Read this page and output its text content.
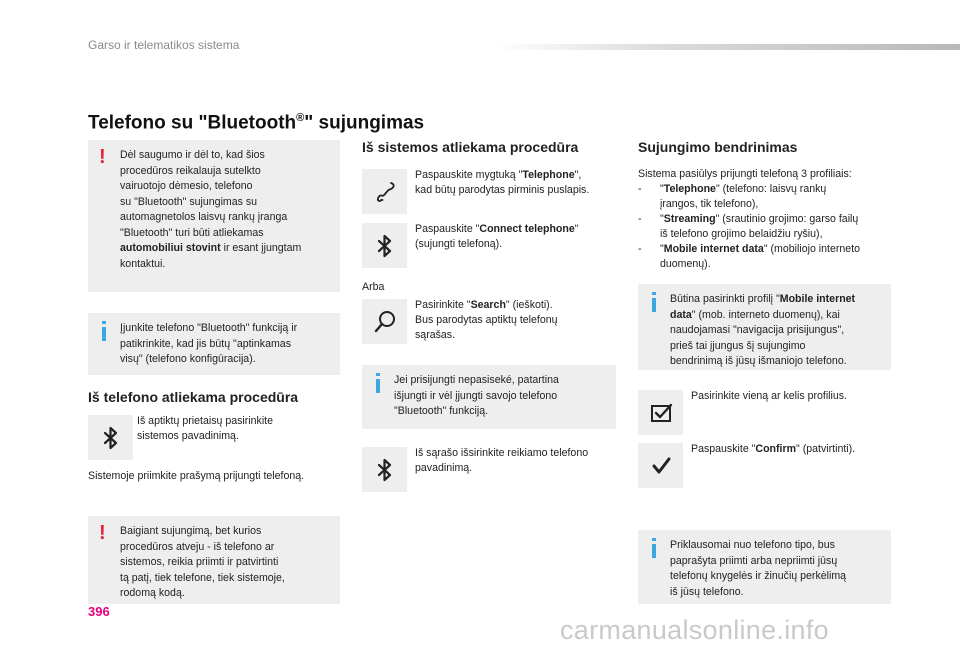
Garso ir telematikos sistema
Telefono su "Bluetooth®" sujungimas
! Dėl saugumo ir dėl to, kad šios
procedūros reikalauja sutelkto
vairuotojo dėmesio, telefono
su "Bluetooth" sujungimas su
automagnetolos laisvų rankų įranga
"Bluetooth" turi būti atliekamas
automobiliui stovint ir esant įjungtam
kontaktui.
Įjunkite telefono "Bluetooth" funkciją ir
patikrinkite, kad jis būtų "aptinkamas
visų" (telefono konfigūracija).
Iš telefono atliekama procedūra
Iš aptiktų prietaisų pasirinkite
sistemos pavadinimą.
Sistemoje priimkite prašymą prijungti telefoną.
! Baigiant sujungimą, bet kurios
procedūros atveju - iš telefono ar
sistemos, reikia priimti ir patvirtinti
tą patį, tiek telefone, tiek sistemoje,
rodomą kodą.
Iš sistemos atliekama procedūra
Paspauskite mygtuką "Telephone",
kad būtų parodytas pirminis puslapis.
Paspauskite "Connect telephone"
(sujungti telefoną).
Arba
Pasirinkite "Search" (ieškoti).
Bus parodytas aptiktų telefonų
sąrašas.
Jei prisijungti nepasiseké, patartina
išjungti ir vėl įjungti savojo telefono
"Bluetooth" funkciją.
Iš sąrašo išsirinkite reikiamo telefono
pavadinimą.
Sujungimo bendrinimas
Sistema pasiūlys prijungti telefoną 3 profiliais:
-	"Telephone" (telefono: laisvų rankų
įrangos, tik telefono),
-	"Streaming" (srautinio grojimo: garso failų
iš telefono grojimo belaidžiu ryšiu),
-	"Mobile internet data" (mobiliojo interneto
duomenų).
Būtina pasirinkti profilį "Mobile internet
data" (mob. interneto duomenų), kai
naudojamasi "navigacija prisijungus",
prieš tai įjungus šį sujungimo
bendrinimą iš jūsų išmaniojo telefono.
Pasirinkite vieną ar kelis profilius.
Paspauskite "Confirm" (patvirtinti).
Priklausomai nuo telefono tipo, bus
paprašyta priimti arba nepriimti jūsų
telefonų knygelės ir žinučių perkėlimą
iš jūsų telefono.
396
carmanualsonline.info
